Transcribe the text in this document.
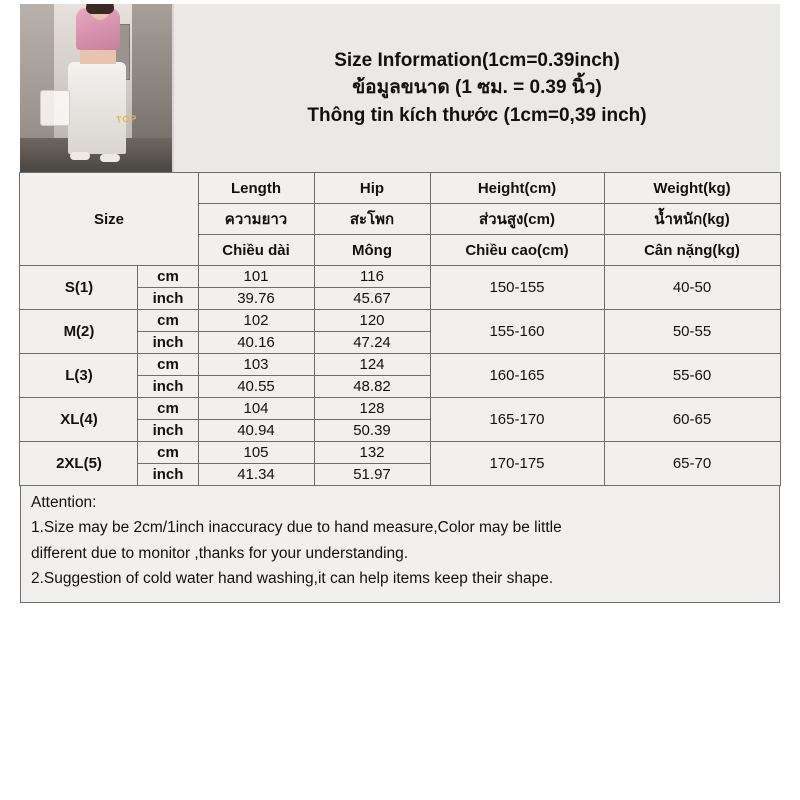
TOP
Size Information(1cm=0.39inch)
ข้อมูลขนาด (1 ซม. = 0.39 นิ้ว)
Thông tin kích thước (1cm=0,39 inch)
Size		Length	Hip	Height(cm)	Weight(kg)
		ความยาว	สะโพก	ส่วนสูง(cm)	น้ำหนัก(kg)
		Chiều dài	Mông	Chiều cao(cm)	Cân nặng(kg)
S(1)	cm	101	116	150-155	40-50
	inch	39.76	45.67		
M(2)	cm	102	120	155-160	50-55
	inch	40.16	47.24		
L(3)	cm	103	124	160-165	55-60
	inch	40.55	48.82		
XL(4)	cm	104	128	165-170	60-65
	inch	40.94	50.39		
2XL(5)	cm	105	132	170-175	65-70
	inch	41.34	51.97		

Attention:

1.Size may be 2cm/1inch inaccuracy due to hand measure,Color may be little

different due to monitor ,thanks for your understanding.

2.Suggestion of cold water hand washing,it can help items keep their shape.
